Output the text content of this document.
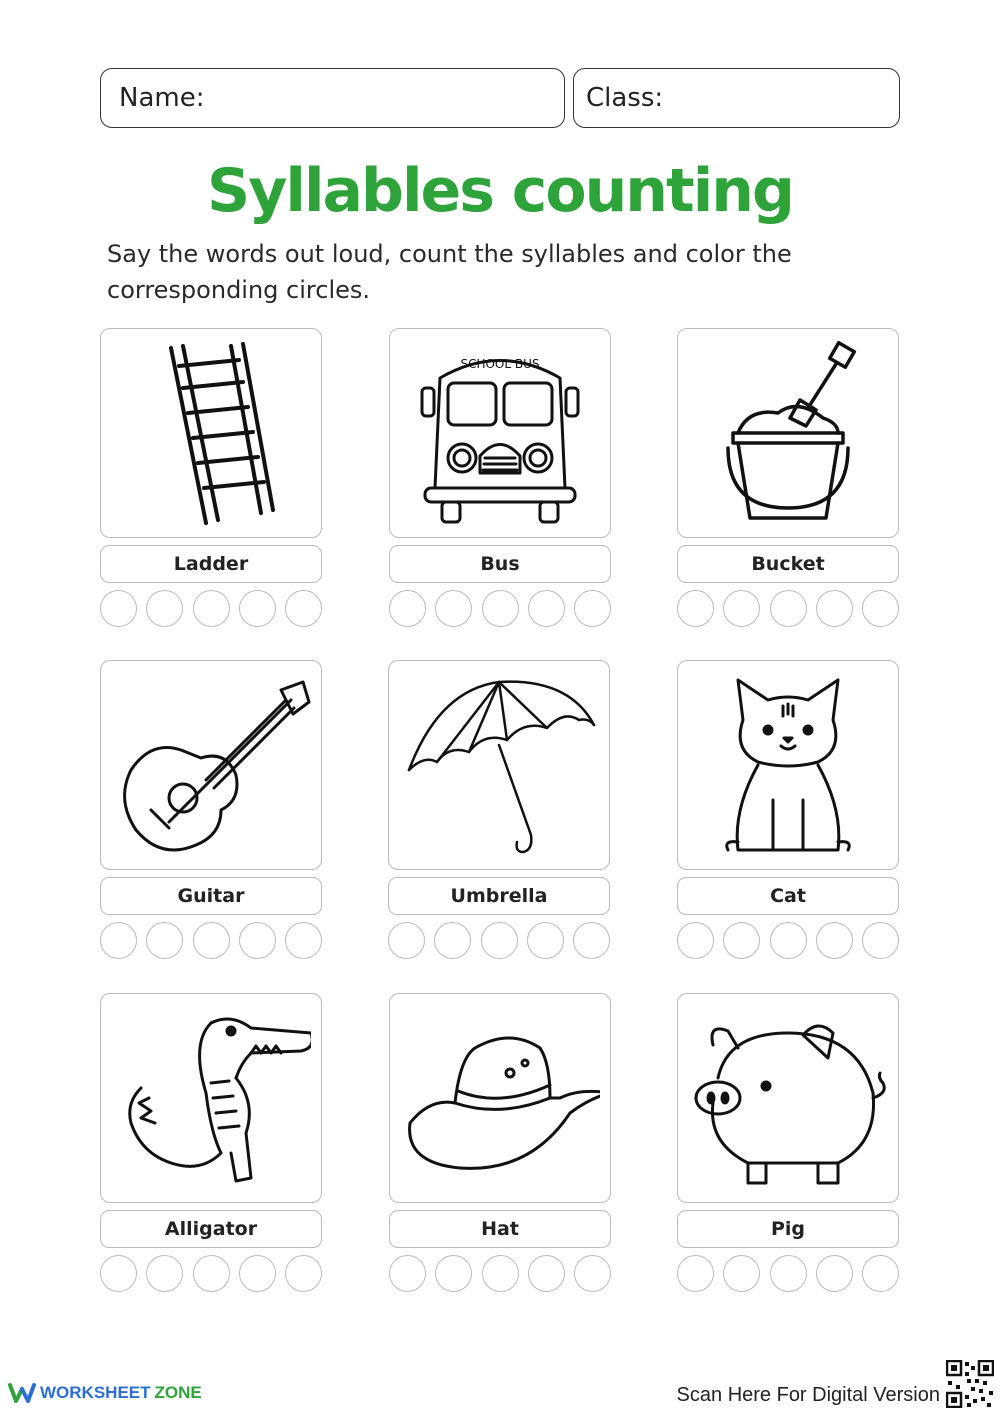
Name:	Class:
Syllables counting
Say the words out loud, count the syllables and color the corresponding circles.
Ladder
SCHOOL BUS
Bus	Bucket
Guitar	Umbrella	Cat
Alligator	Hat	Pig
WORKSHEET ZONE	Scan Here For Digital Version
